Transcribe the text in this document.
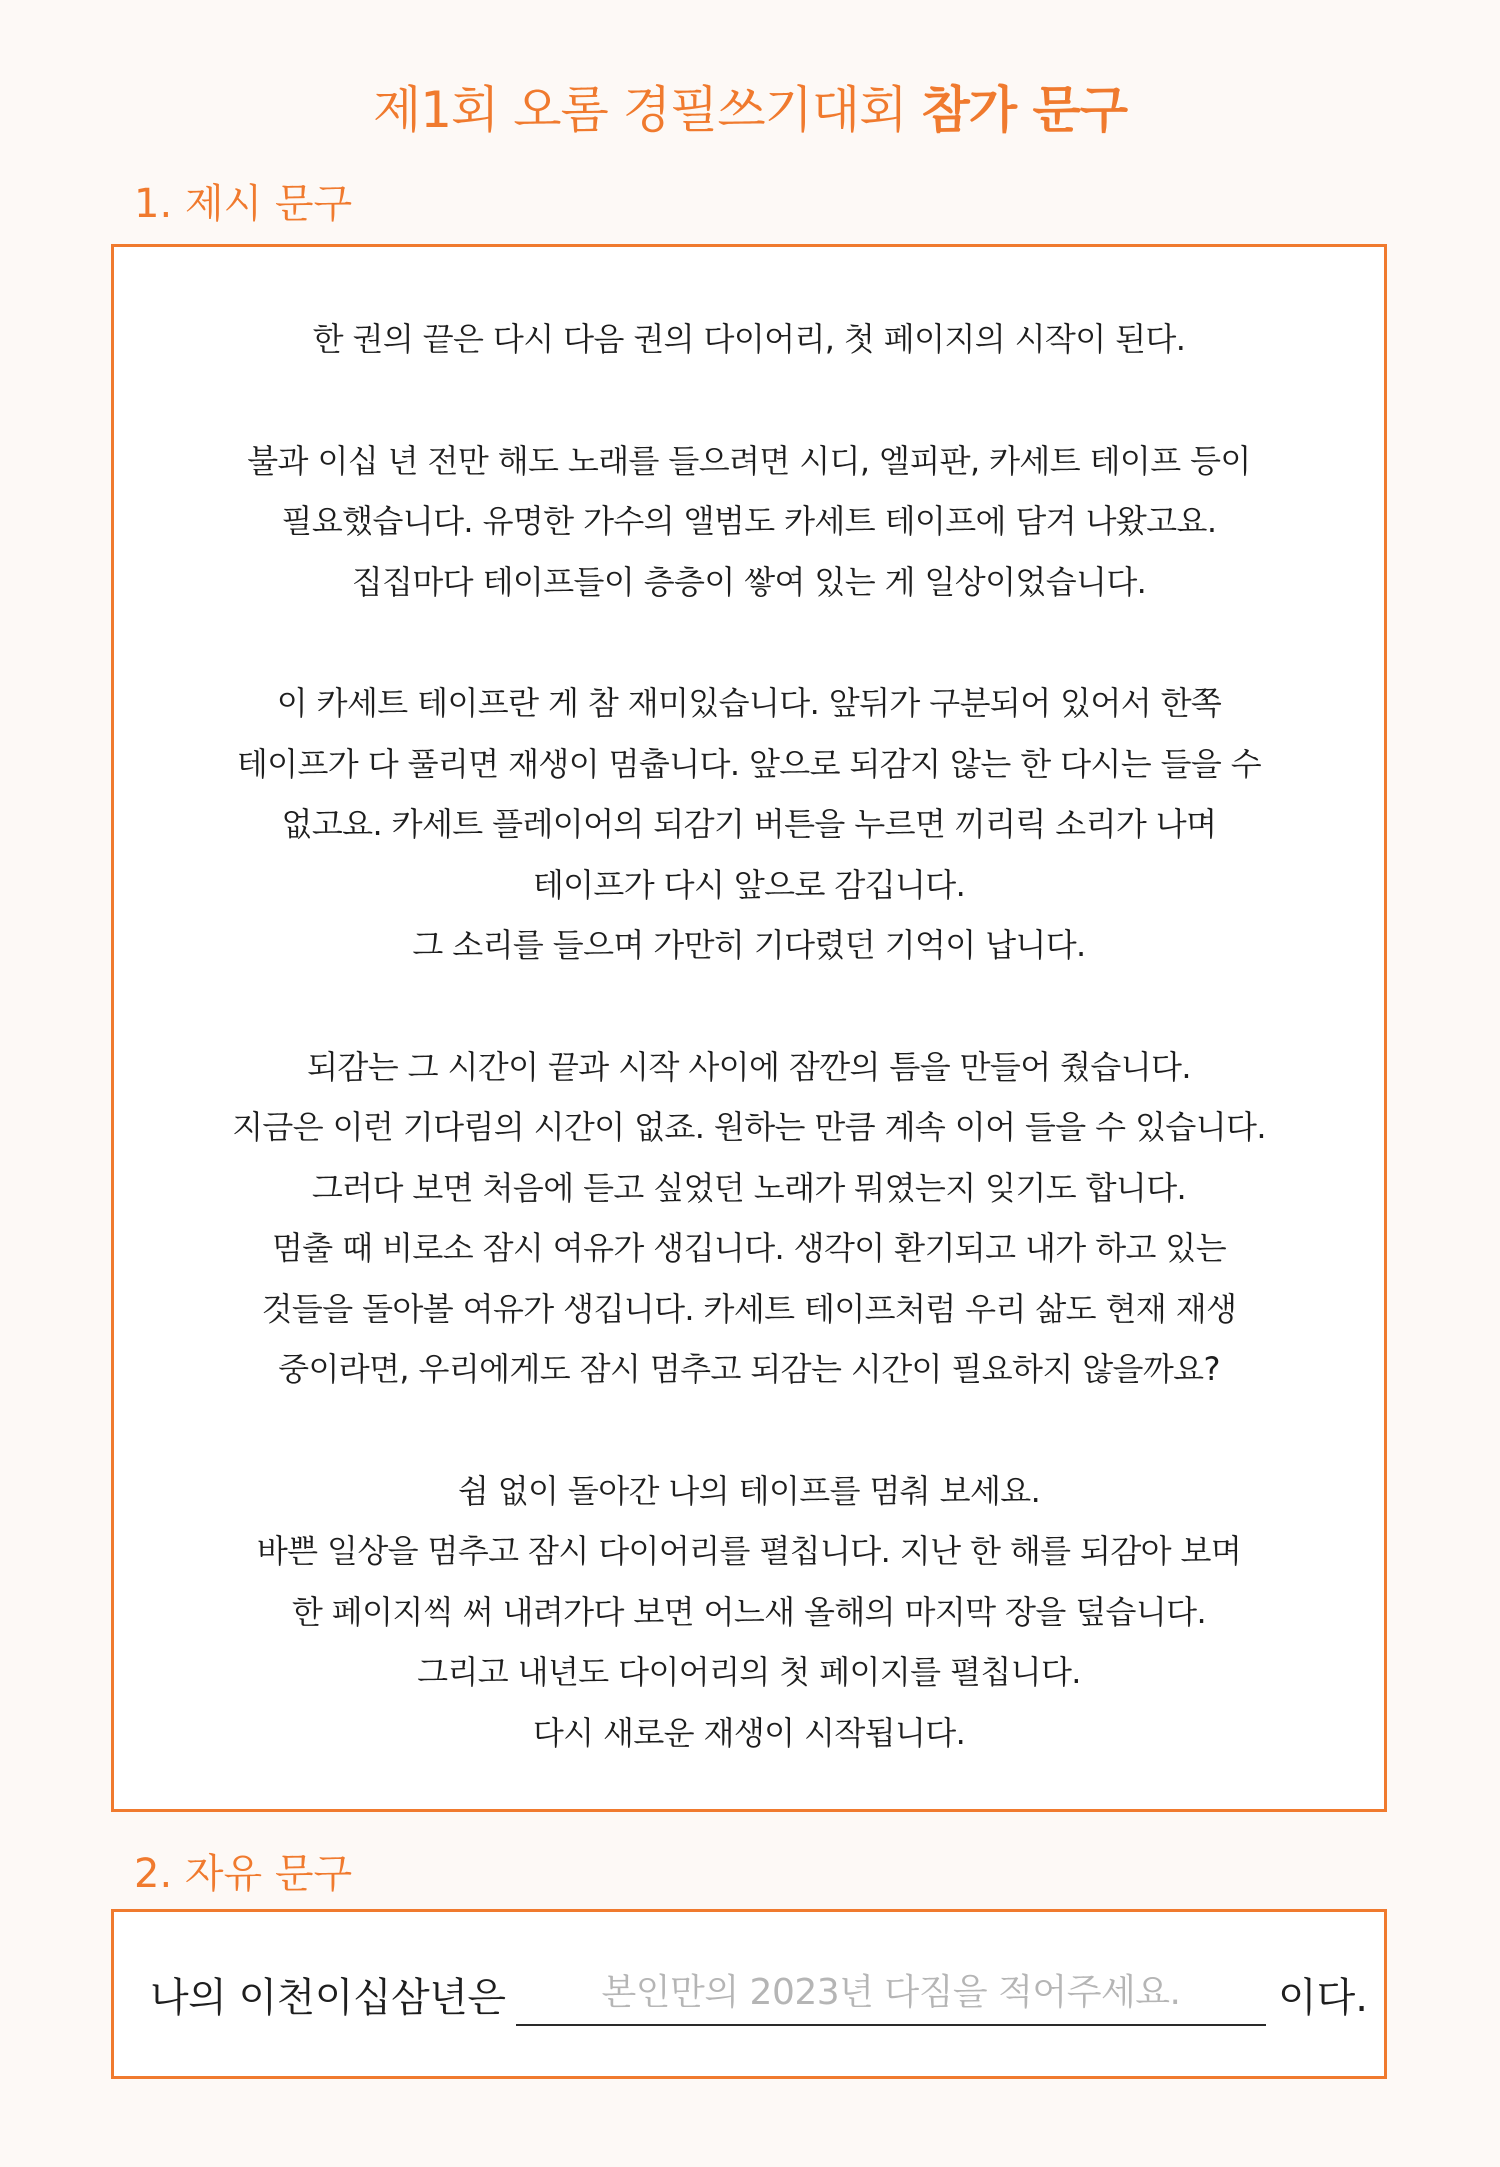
제1회 오롬 경필쓰기대회 참가 문구
1. 제시 문구
한 권의 끝은 다시 다음 권의 다이어리, 첫 페이지의 시작이 된다.
불과 이십 년 전만 해도 노래를 들으려면 시디, 엘피판, 카세트 테이프 등이
필요했습니다. 유명한 가수의 앨범도 카세트 테이프에 담겨 나왔고요.
집집마다 테이프들이 층층이 쌓여 있는 게 일상이었습니다.
이 카세트 테이프란 게 참 재미있습니다. 앞뒤가 구분되어 있어서 한쪽
테이프가 다 풀리면 재생이 멈춥니다. 앞으로 되감지 않는 한 다시는 들을 수
없고요. 카세트 플레이어의 되감기 버튼을 누르면 끼리릭 소리가 나며
테이프가 다시 앞으로 감깁니다.
그 소리를 들으며 가만히 기다렸던 기억이 납니다.
되감는 그 시간이 끝과 시작 사이에 잠깐의 틈을 만들어 줬습니다.
지금은 이런 기다림의 시간이 없죠. 원하는 만큼 계속 이어 들을 수 있습니다.
그러다 보면 처음에 듣고 싶었던 노래가 뭐였는지 잊기도 합니다.
멈출 때 비로소 잠시 여유가 생깁니다. 생각이 환기되고 내가 하고 있는
것들을 돌아볼 여유가 생깁니다. 카세트 테이프처럼 우리 삶도 현재 재생
중이라면, 우리에게도 잠시 멈추고 되감는 시간이 필요하지 않을까요?
쉼 없이 돌아간 나의 테이프를 멈춰 보세요.
바쁜 일상을 멈추고 잠시 다이어리를 펼칩니다. 지난 한 해를 되감아 보며
한 페이지씩 써 내려가다 보면 어느새 올해의 마지막 장을 덮습니다.
그리고 내년도 다이어리의 첫 페이지를 펼칩니다.
다시 새로운 재생이 시작됩니다.
2. 자유 문구
나의 이천이십삼년은
본인만의 2023년 다짐을 적어주세요.	이다.
